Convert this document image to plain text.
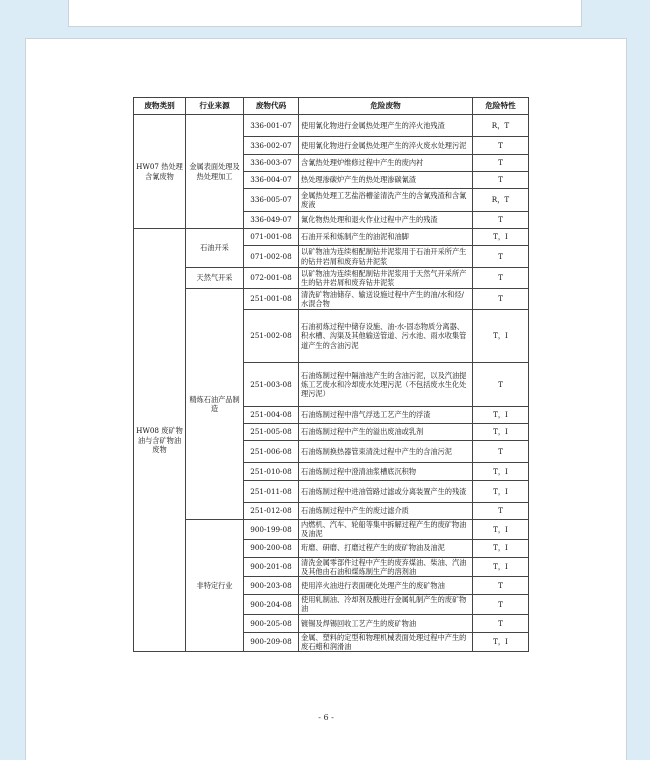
废物类别	行业来源	废物代码	危险废物	危险特性
HW07 热处理含氰废物	金属表面处理及热处理加工	336-001-07	使用氰化物进行金属热处理产生的淬火池残渣	R，T
		336-002-07	使用氰化物进行金属热处理产生的淬火废水处理污泥	T
		336-003-07	含氰热处理炉维修过程中产生的废内衬	T
		336-004-07	热处理渗碳炉产生的热处理渗碳氰渣	T
		336-005-07	金属热处理工艺盐浴槽釜清洗产生的含氰残渣和含氰废液	R，T
		336-049-07	氰化物热处理和退火作业过程中产生的残渣	T
HW08 废矿物油与含矿物油废物	石油开采	071-001-08	石油开采和炼制产生的油泥和油脚	T，I
		071-002-08	以矿物油为连续相配制钻井泥浆用于石油开采所产生的钻井岩屑和废弃钻井泥浆	T
	天然气开采	072-001-08	以矿物油为连续相配制钻井泥浆用于天然气开采所产生的钻井岩屑和废弃钻井泥浆	T
	精炼石油产品制造	251-001-08	清洗矿物油储存、输送设施过程中产生的油/水和烃/水混合物	T
		251-002-08	石油初炼过程中储存设施、油-水-固态物质分离器、积水槽、沟渠及其他输送管道、污水池、雨水收集管道产生的含油污泥	T，I
		251-003-08	石油炼制过程中隔油池产生的含油污泥，以及汽油提炼工艺废水和冷却废水处理污泥（不包括废水生化处理污泥）	T
		251-004-08	石油炼制过程中溶气浮选工艺产生的浮渣	T，I
		251-005-08	石油炼制过程中产生的溢出废油或乳剂	T，I
		251-006-08	石油炼制换热器管束清洗过程中产生的含油污泥	T
		251-010-08	石油炼制过程中澄清油浆槽底沉积物	T，I
		251-011-08	石油炼制过程中进油管路过滤或分离装置产生的残渣	T，I
		251-012-08	石油炼制过程中产生的废过滤介质	T
	非特定行业	900-199-08	内燃机、汽车、轮船等集中拆解过程产生的废矿物油及油泥	T，I
		900-200-08	珩磨、研磨、打磨过程产生的废矿物油及油泥	T，I
		900-201-08	清洗金属零部件过程中产生的废弃煤油、柴油、汽油及其他由石油和煤炼制生产的溶剂油	T，I
		900-203-08	使用淬火油进行表面硬化处理产生的废矿物油	T
		900-204-08	使用轧制油、冷却剂及酸进行金属轧制产生的废矿物油	T
		900-205-08	镀锡及焊锡回收工艺产生的废矿物油	T
		900-209-08	金属、塑料的定型和物理机械表面处理过程中产生的废石蜡和润滑油	T，I
- 6 -
